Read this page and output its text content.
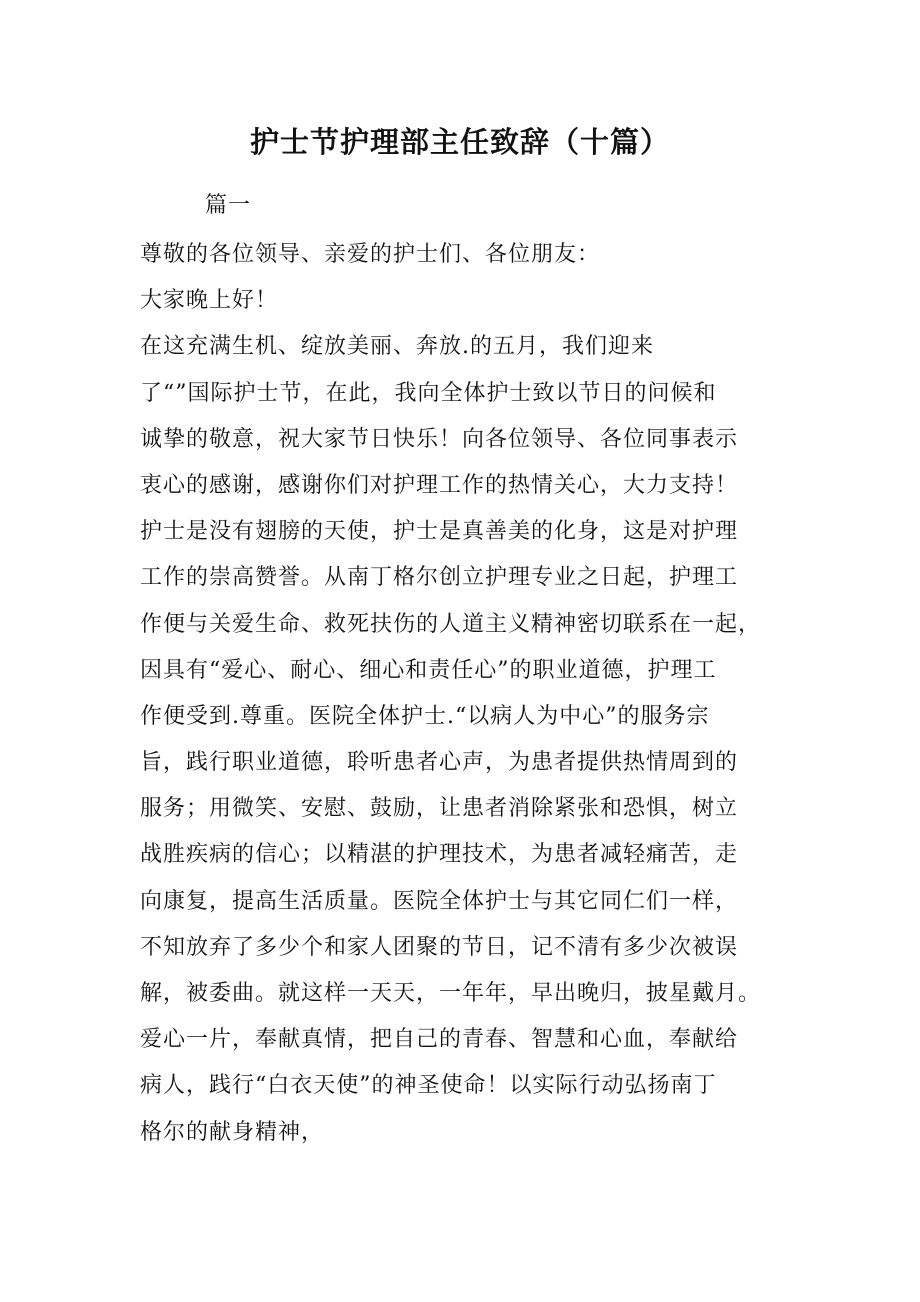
护士节护理部主任致辞（十篇）
篇一
尊敬的各位领导、亲爱的护士们、各位朋友：
大家晚上好！
在这充满生机、绽放美丽、奔放.的五月，我们迎来
了“”国际护士节，在此，我向全体护士致以节日的问候和
诚挚的敬意，祝大家节日快乐！向各位领导、各位同事表示
衷心的感谢，感谢你们对护理工作的热情关心，大力支持！
护士是没有翅膀的天使，护士是真善美的化身，这是对护理
工作的崇高赞誉。从南丁格尔创立护理专业之日起，护理工
作便与关爱生命、救死扶伤的人道主义精神密切联系在一起，
因具有“爱心、耐心、细心和责任心”的职业道德，护理工
作便受到.尊重。医院全体护士.“以病人为中心”的服务宗
旨，践行职业道德，聆听患者心声，为患者提供热情周到的
服务；用微笑、安慰、鼓励，让患者消除紧张和恐惧，树立
战胜疾病的信心；以精湛的护理技术，为患者减轻痛苦，走
向康复，提高生活质量。医院全体护士与其它同仁们一样，
不知放弃了多少个和家人团聚的节日，记不清有多少次被误
解，被委曲。就这样一天天，一年年，早出晚归，披星戴月。
爱心一片，奉献真情，把自己的青春、智慧和心血，奉献给
病人，践行“白衣天使”的神圣使命！以实际行动弘扬南丁
格尔的献身精神，
